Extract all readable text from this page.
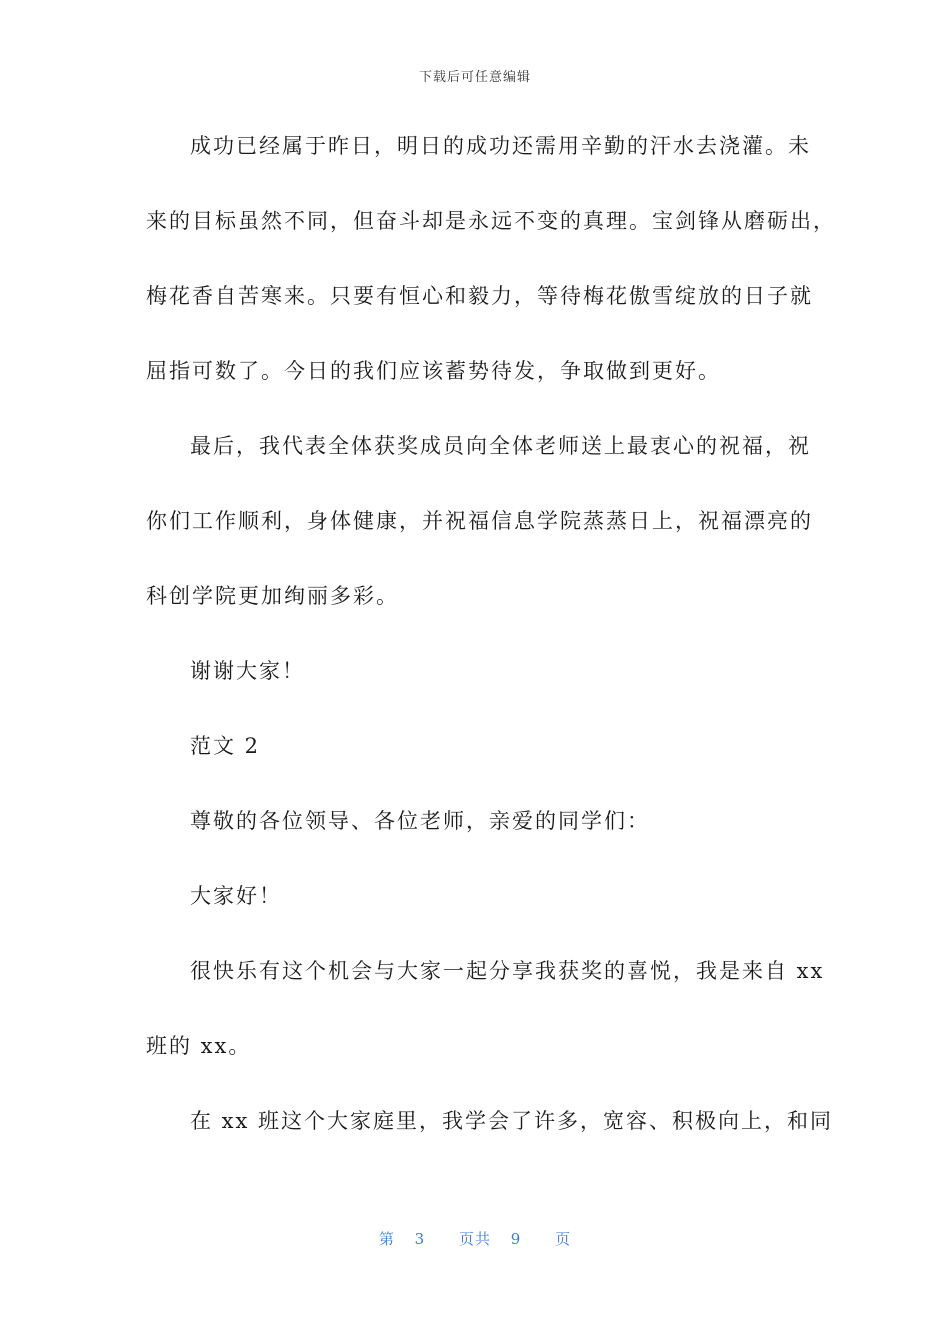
下载后可任意编辑
成功已经属于昨日，明日的成功还需用辛勤的汗水去浇灌。未
来的目标虽然不同，但奋斗却是永远不变的真理。宝剑锋从磨砺出，
梅花香自苦寒来。只要有恒心和毅力，等待梅花傲雪绽放的日子就
屈指可数了。今日的我们应该蓄势待发，争取做到更好。
最后，我代表全体获奖成员向全体老师送上最衷心的祝福，祝
你们工作顺利，身体健康，并祝福信息学院蒸蒸日上，祝福漂亮的
科创学院更加绚丽多彩。
谢谢大家！
范文 2
尊敬的各位领导、各位老师，亲爱的同学们：
大家好！
很快乐有这个机会与大家一起分享我获奖的喜悦，我是来自 xx
班的 xx。
在 xx 班这个大家庭里，我学会了许多，宽容、积极向上，和同
第 3 页共 9 页
